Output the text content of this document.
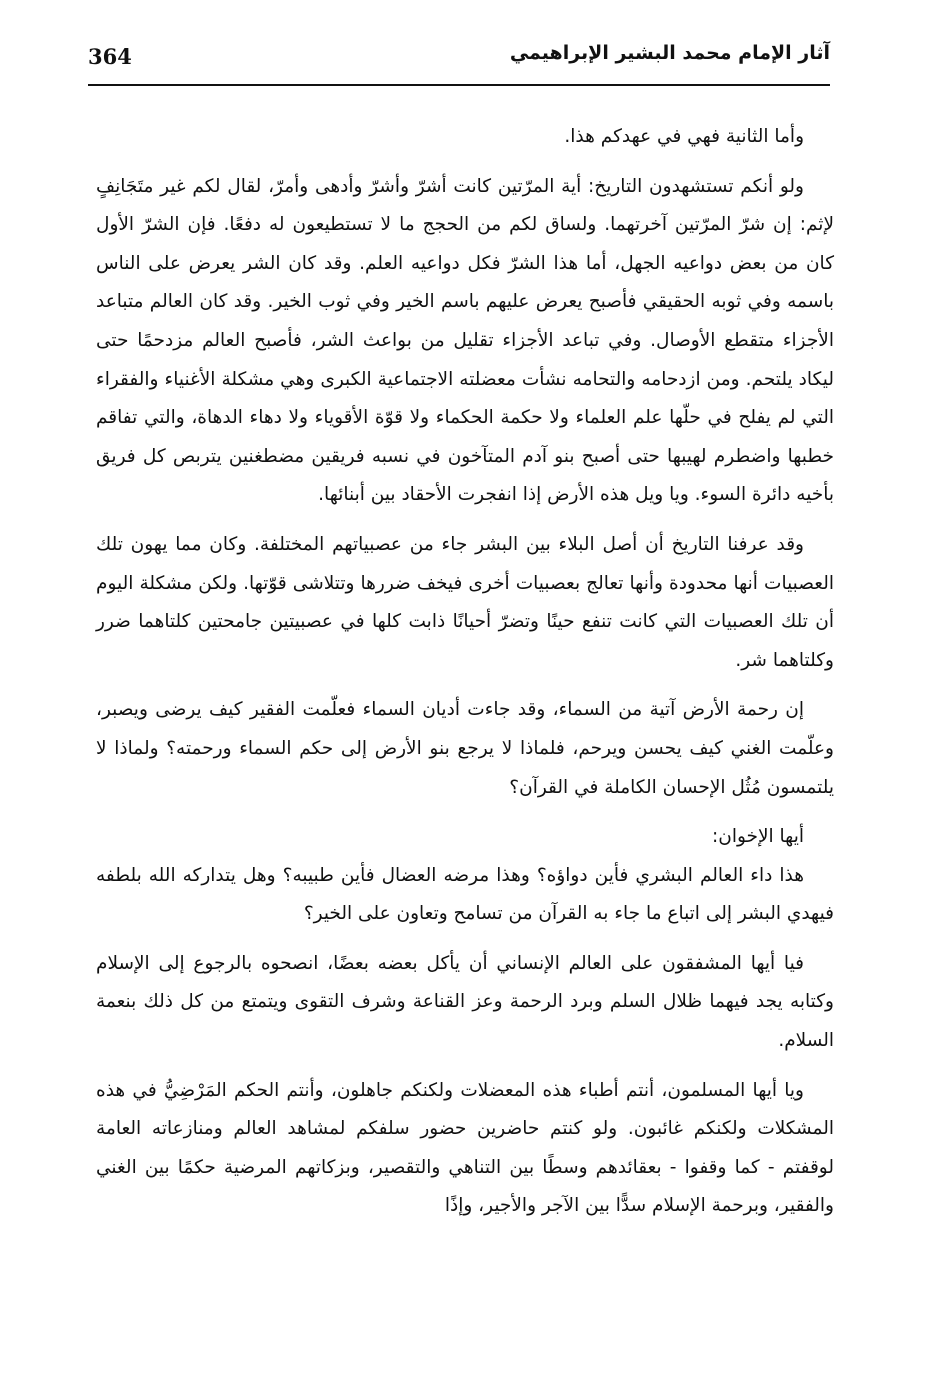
364	آثار الإمام محمد البشير الإبراهيمي

وأما الثانية فهي في عهدكم هذا.

ولو أنكم تستشهدون التاريخ: أية المرّتين كانت أشرّ وأشرّ وأدهى وأمرّ، لقال لكم غير متَجَانِفٍ لإثم: إن شرّ المرّتين آخرتهما. ولساق لكم من الحجج ما لا تستطيعون له دفعًا. فإن الشرّ الأول كان من بعض دواعيه الجهل، أما هذا الشرّ فكل دواعيه العلم. وقد كان الشر يعرض على الناس باسمه وفي ثوبه الحقيقي فأصبح يعرض عليهم باسم الخير وفي ثوب الخير. وقد كان العالم متباعد الأجزاء متقطع الأوصال. وفي تباعد الأجزاء تقليل من بواعث الشر، فأصبح العالم مزدحمًا حتى ليكاد يلتحم. ومن ازدحامه والتحامه نشأت معضلته الاجتماعية الكبرى وهي مشكلة الأغنياء والفقراء التي لم يفلح في حلّها علم العلماء ولا حكمة الحكماء ولا قوّة الأقوياء ولا دهاء الدهاة، والتي تفاقم خطبها واضطرم لهيبها حتى أصبح بنو آدم المتآخون في نسبه فريقين مضطغنين يتربص كل فريق بأخيه دائرة السوء. ويا ويل هذه الأرض إذا انفجرت الأحقاد بين أبنائها.

وقد عرفنا التاريخ أن أصل البلاء بين البشر جاء من عصبياتهم المختلفة. وكان مما يهون تلك العصبيات أنها محدودة وأنها تعالج بعصبيات أخرى فيخف ضررها وتتلاشى قوّتها. ولكن مشكلة اليوم أن تلك العصبيات التي كانت تنفع حينًا وتضرّ أحيانًا ذابت كلها في عصبيتين جامحتين كلتاهما ضرر وكلتاهما شر.

إن رحمة الأرض آتية من السماء، وقد جاءت أديان السماء فعلّمت الفقير كيف يرضى ويصبر، وعلّمت الغني كيف يحسن ويرحم، فلماذا لا يرجع بنو الأرض إلى حكم السماء ورحمته؟ ولماذا لا يلتمسون مُثُل الإحسان الكاملة في القرآن؟

أيها الإخوان:

هذا داء العالم البشري فأين دواؤه؟ وهذا مرضه العضال فأين طبيبه؟ وهل يتداركه الله بلطفه فيهدي البشر إلى اتباع ما جاء به القرآن من تسامح وتعاون على الخير؟

فيا أيها المشفقون على العالم الإنساني أن يأكل بعضه بعضًا، انصحوه بالرجوع إلى الإسلام وكتابه يجد فيهما ظلال السلم وبرد الرحمة وعز القناعة وشرف التقوى ويتمتع من كل ذلك بنعمة السلام.

ويا أيها المسلمون، أنتم أطباء هذه المعضلات ولكنكم جاهلون، وأنتم الحكم المَرْضِيُّ في هذه المشكلات ولكنكم غائبون. ولو كنتم حاضرين حضور سلفكم لمشاهد العالم ومنازعاته العامة لوقفتم - كما وقفوا - بعقائدهم وسطًا بين التناهي والتقصير، وبزكاتهم المرضية حكمًا بين الغني والفقير، وبرحمة الإسلام سدًّا بين الآجر والأجير، وإذًا
